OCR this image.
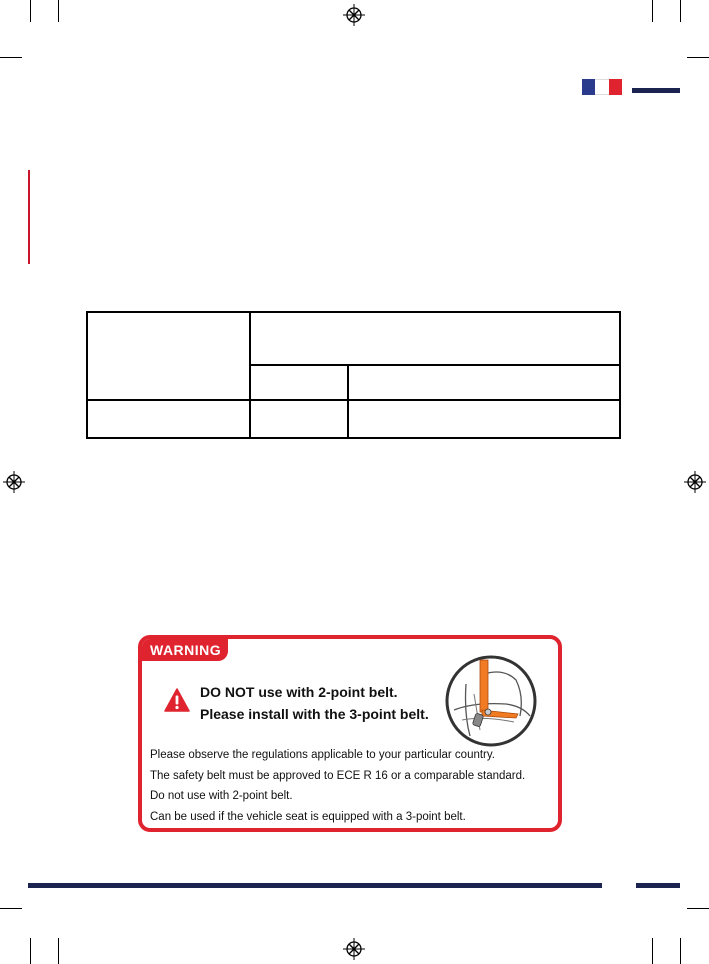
WARNING
DO NOT use with 2-point belt.
Please install with the 3-point belt.
Please observe the regulations applicable to your particular country.
The safety belt must be approved to ECE R 16 or a comparable standard.
Do not use with 2-point belt.
Can be used if the vehicle seat is equipped with a 3-point belt.
